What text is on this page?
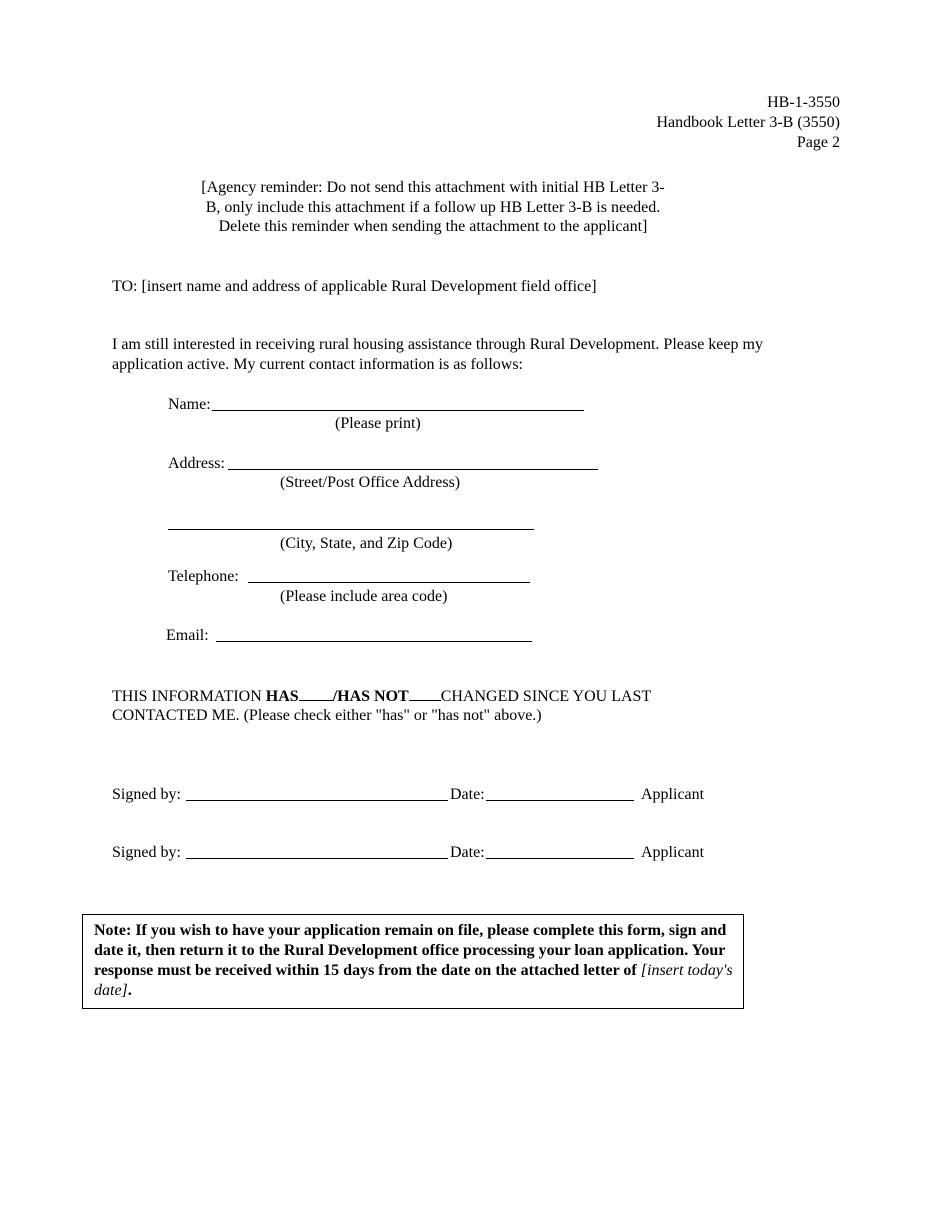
HB-1-3550
Handbook Letter 3-B (3550)
Page 2
[Agency reminder: Do not send this attachment with initial HB Letter 3-B, only include this attachment if a follow up HB Letter 3-B is needed. Delete this reminder when sending the attachment to the applicant]
TO: [insert name and address of applicable Rural Development field office]
I am still interested in receiving rural housing assistance through Rural Development. Please keep my application active. My current contact information is as follows:
Name:
(Please print)
Address:
(Street/Post Office Address)
(City, State, and Zip Code)
Telephone:
(Please include area code)
Email:
THIS INFORMATION HAS /HAS NOT CHANGED SINCE YOU LAST
CONTACTED ME. (Please check either "has" or "has not" above.)
Signed by:	Date:	Applicant
Signed by:	Date:	Applicant
Note: If you wish to have your application remain on file, please complete this form, sign and date it, then return it to the Rural Development office processing your loan application. Your response must be received within 15 days from the date on the attached letter of [insert today's date].
